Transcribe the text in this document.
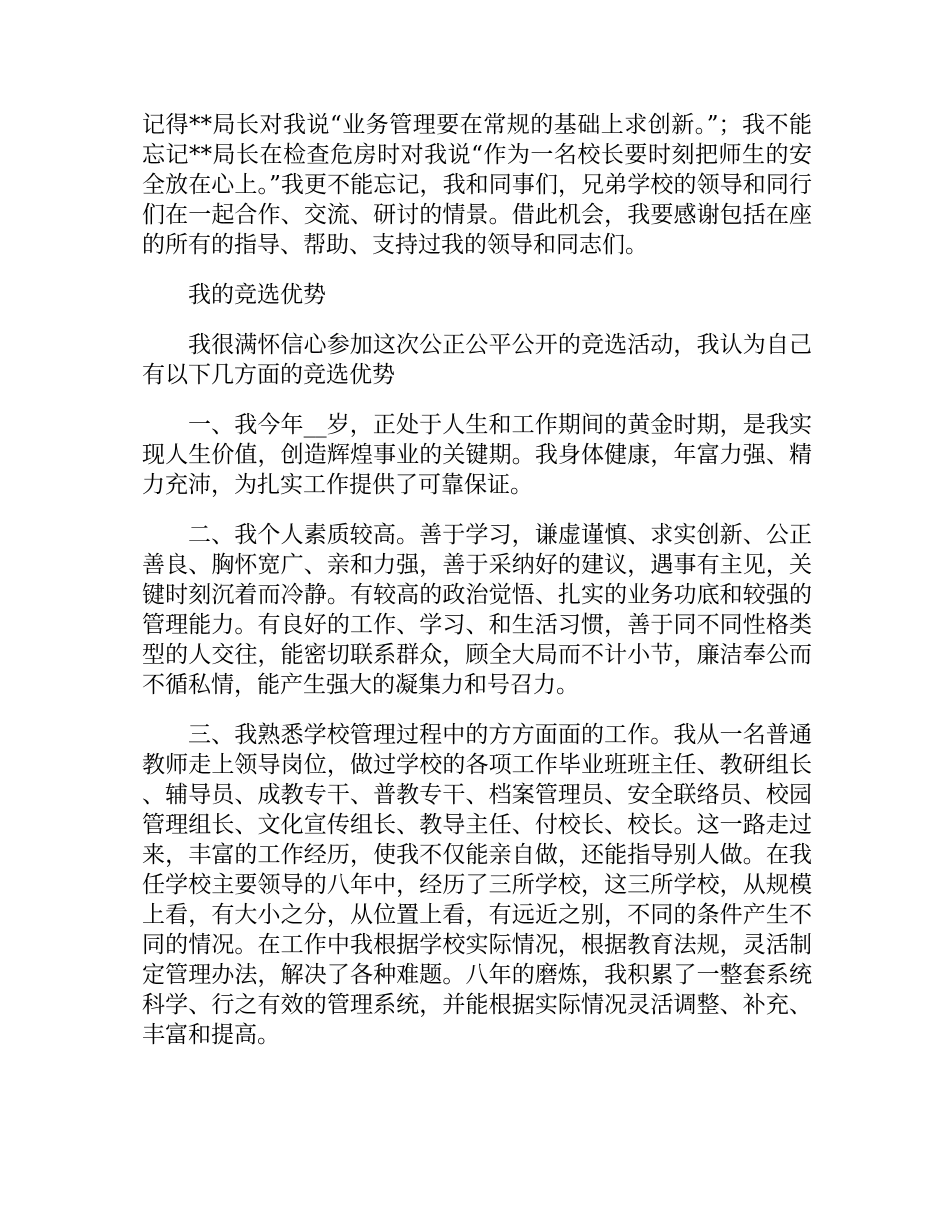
记得**局长对我说“业务管理要在常规的基础上求创新。”；我不能忘记**局长在检查危房时对我说“作为一名校长要时刻把师生的安全放在心上。”我更不能忘记，我和同事们，兄弟学校的领导和同行们在一起合作、交流、研讨的情景。借此机会，我要感谢包括在座的所有的指导、帮助、支持过我的领导和同志们。

我的竞选优势

我很满怀信心参加这次公正公平公开的竞选活动，我认为自己有以下几方面的竞选优势

一、我今年__岁，正处于人生和工作期间的黄金时期，是我实现人生价值，创造辉煌事业的关键期。我身体健康，年富力强、精力充沛，为扎实工作提供了可靠保证。

二、我个人素质较高。善于学习，谦虚谨慎、求实创新、公正善良、胸怀宽广、亲和力强，善于采纳好的建议，遇事有主见，关键时刻沉着而冷静。有较高的政治觉悟、扎实的业务功底和较强的管理能力。有良好的工作、学习、和生活习惯，善于同不同性格类型的人交往，能密切联系群众，顾全大局而不计小节，廉洁奉公而不循私情，能产生强大的凝集力和号召力。

三、我熟悉学校管理过程中的方方面面的工作。我从一名普通教师走上领导岗位，做过学校的各项工作毕业班班主任、教研组长、辅导员、成教专干、普教专干、档案管理员、安全联络员、校园管理组长、文化宣传组长、教导主任、付校长、校长。这一路走过来，丰富的工作经历，使我不仅能亲自做，还能指导别人做。在我任学校主要领导的八年中，经历了三所学校，这三所学校，从规模上看，有大小之分，从位置上看，有远近之别，不同的条件产生不同的情况。在工作中我根据学校实际情况，根据教育法规，灵活制定管理办法，解决了各种难题。八年的磨炼，我积累了一整套系统科学、行之有效的管理系统，并能根据实际情况灵活调整、补充、丰富和提高。
